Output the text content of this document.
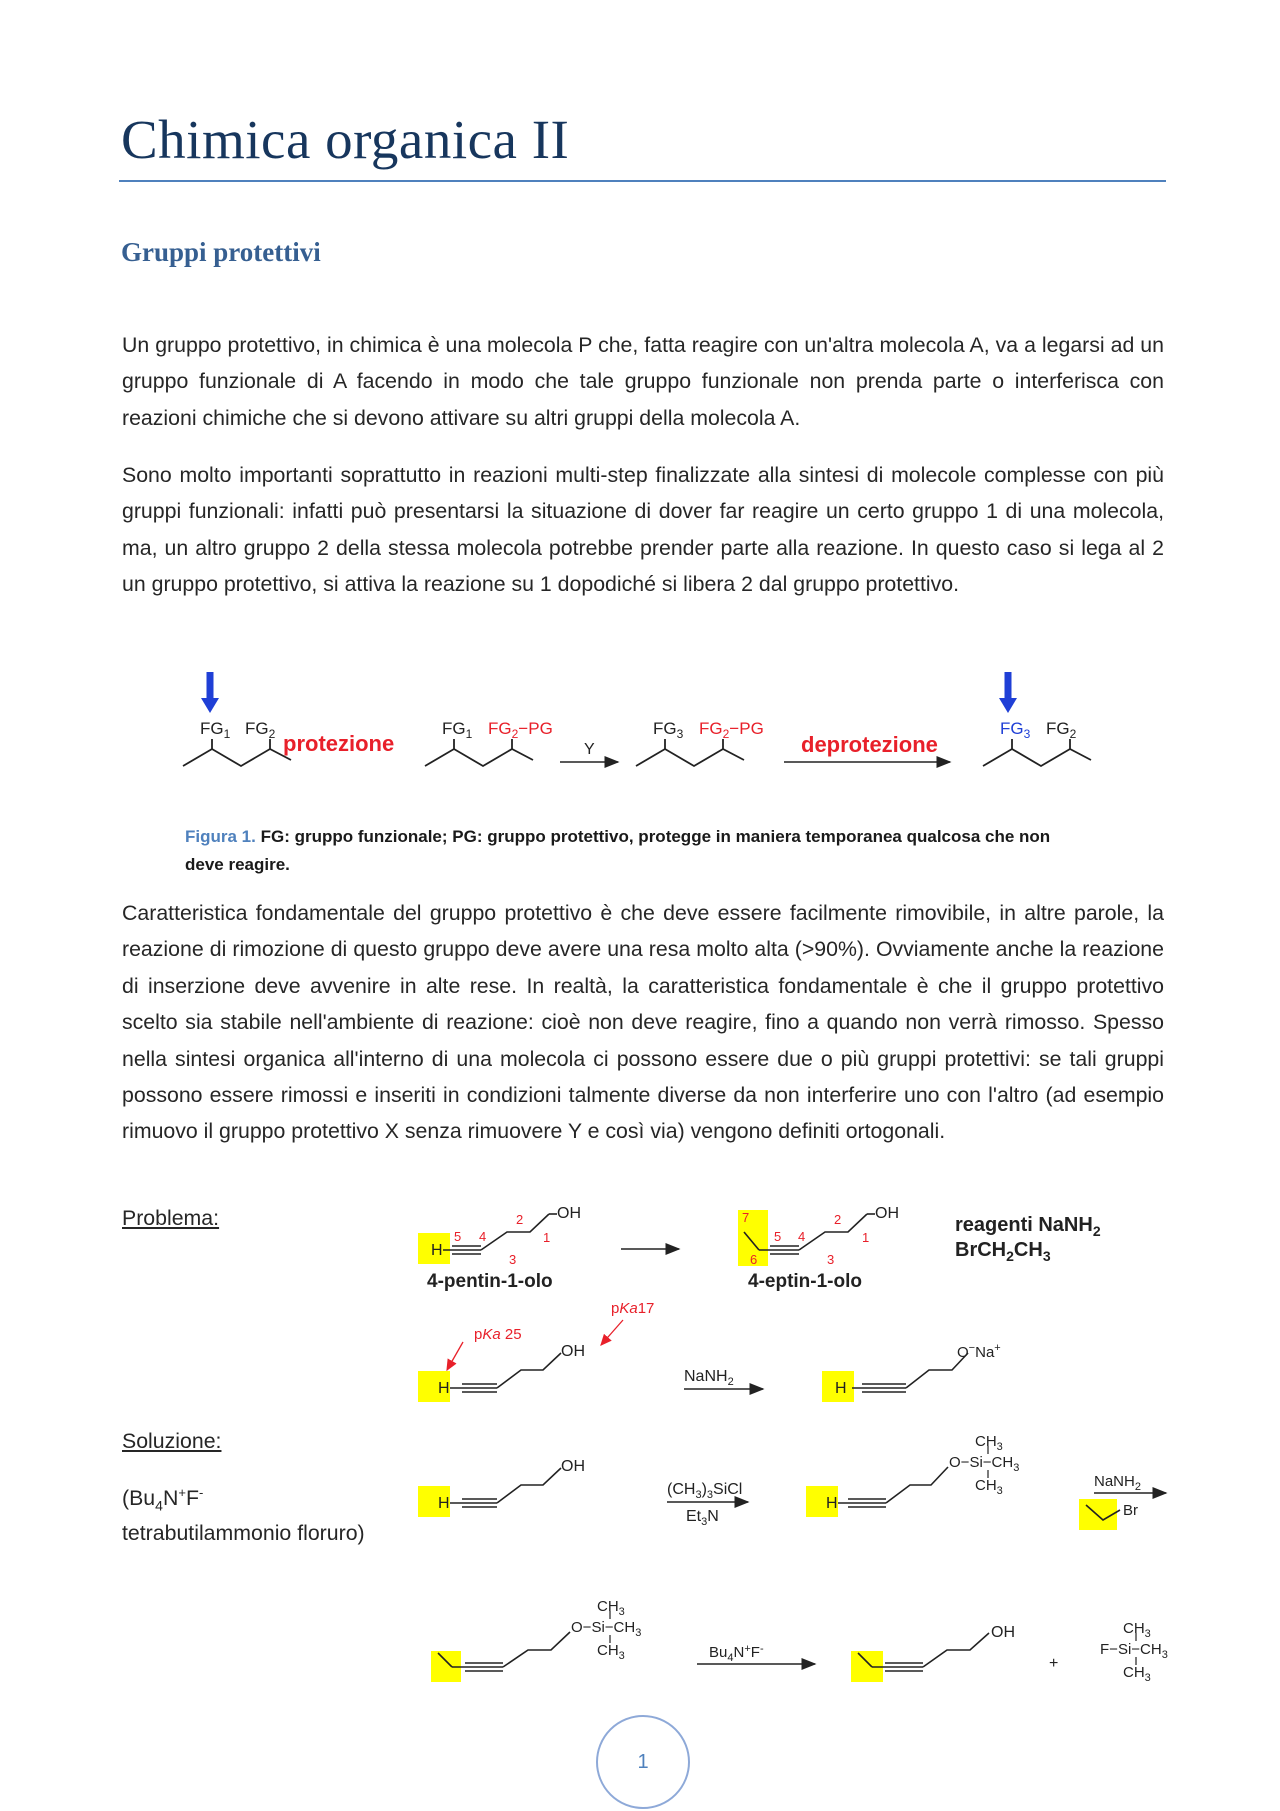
Chimica organica II
Gruppi protettivi

Un gruppo protettivo, in chimica è una molecola P che, fatta reagire con un'altra molecola A, va a legarsi ad un gruppo funzionale di A facendo in modo che tale gruppo funzionale non prenda parte o interferisca con reazioni chimiche che si devono attivare su altri gruppi della molecola A.

Sono molto importanti soprattutto in reazioni multi-step finalizzate alla sintesi di molecole complesse con più gruppi funzionali: infatti può presentarsi la situazione di dover far reagire un certo gruppo 1 di una molecola, ma, un altro gruppo 2 della stessa molecola potrebbe prender parte alla reazione. In questo caso si lega al 2 un gruppo protettivo, si attiva la reazione su 1 dopodiché si libera 2 dal gruppo protettivo.

$FG_1$ $FG_2$ protezione
$FG_1$ $FG_2-PG$
Y
$FG_3$ $FG_2-PG$
deprotezione
$FG_3$ $FG_2$

Figura 1. FG: gruppo funzionale; PG: gruppo protettivo, protegge in maniera temporanea qualcosa che non deve reagire.

Caratteristica fondamentale del gruppo protettivo è che deve essere facilmente rimovibile, in altre parole, la reazione di rimozione di questo gruppo deve avere una resa molto alta (>90%). Ovviamente anche la reazione di inserzione deve avvenire in alte rese. In realtà, la caratteristica fondamentale è che il gruppo protettivo scelto sia stabile nell'ambiente di reazione: cioè non deve reagire, fino a quando non verrà rimosso. Spesso nella sintesi organica all'interno di una molecola ci possono essere due o più gruppi protettivi: se tali gruppi possono essere rimossi e inseriti in condizioni talmente diverse da non interferire uno con l'altro (ad esempio rimuovo il gruppo protettivo X senza rimuovere Y e così via) vengono definiti ortogonali.

Problema:

Soluzione:

($Bu_4N^+F^-$

tetrabutilammonio floruro)

H
OH
5 4
3
2
1
4-pentin-1-olo
OH
7
6
5 4
3
2
1
4-eptin-1-olo
reagenti NaNH$_2$
$BrCH_2CH_3$
pKa17
pKa 25
H
OH
NaNH$_2$	H
O−Na+
H
OH
$(CH_3)_3SiCl$
$Et_3N$
H
$CH_3$
$O-Si-CH_3$
$CH_3$
NaNH$_2$
Br
$CH_3$
$O-Si-CH_3$
$CH_3$	$Bu_4N^+F^-$
OH
+
$CH_3$
$F-Si-CH_3$
$CH_3$
1
